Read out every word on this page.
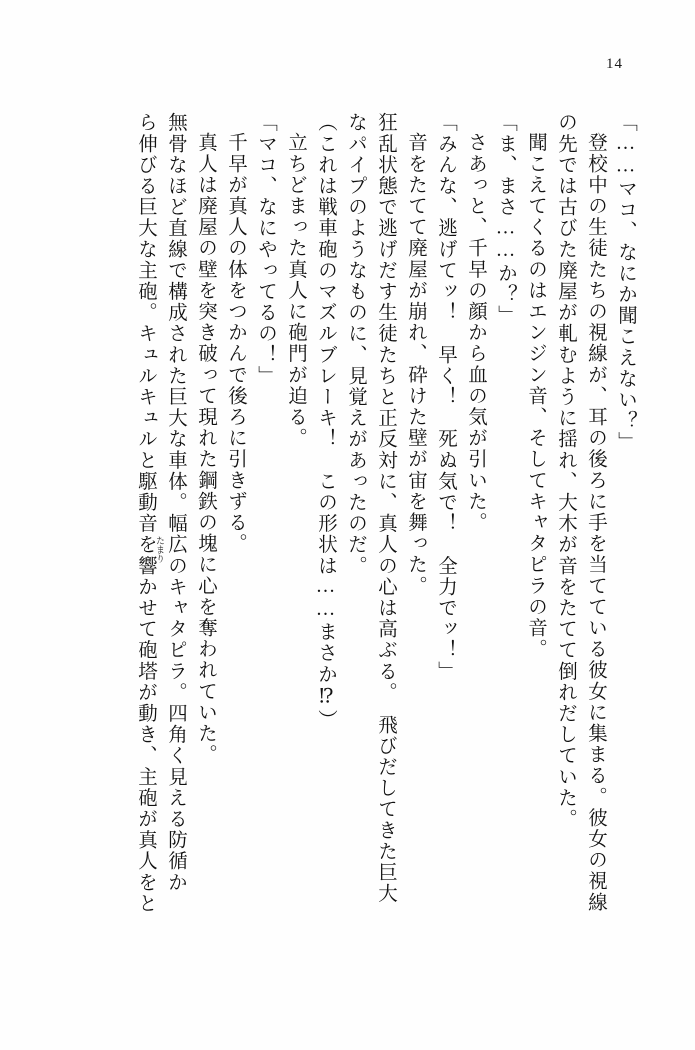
14
「……マコ、なにか聞こえない？」
登校中の生徒たちの視線が、耳の後ろに手を当てている彼女に集まる。彼女の視線
の先では古びた廃屋が軋むように揺れ、大木が音をたてて倒れだしていた。
聞こえてくるのはエンジン音、そしてキャタピラの音。
「ま、まさ……か？」
さあっと、千早の顔から血の気が引いた。
「みんな、逃げてッ！　早く！　死ぬ気で！　全力でッ！」
音をたてて廃屋が崩れ、砕けた壁が宙を舞った。
狂乱状態で逃げだす生徒たちと正反対に、真人の心は高ぶる。　飛びだしてきた巨大
なパイプのようなものに、見覚えがあったのだ。
（これは戦車砲のマズルブレーキ！　この形状は……まさか⁉）
立ちどまった真人に砲門が迫る。
「マコ、なにやってるの！」
千早が真人の体をつかんで後ろに引きずる。
真人は廃屋の壁を突き破って現れた鋼鉄の塊に心を奪われていた。
無骨なほど直線で構成された巨大な車体。幅広のキャタピラ。四角く見える防循か
ら伸びる巨大な主砲。キュルキュルと駆動音を響かせて砲塔が動き、主砲が真人をと たまり
